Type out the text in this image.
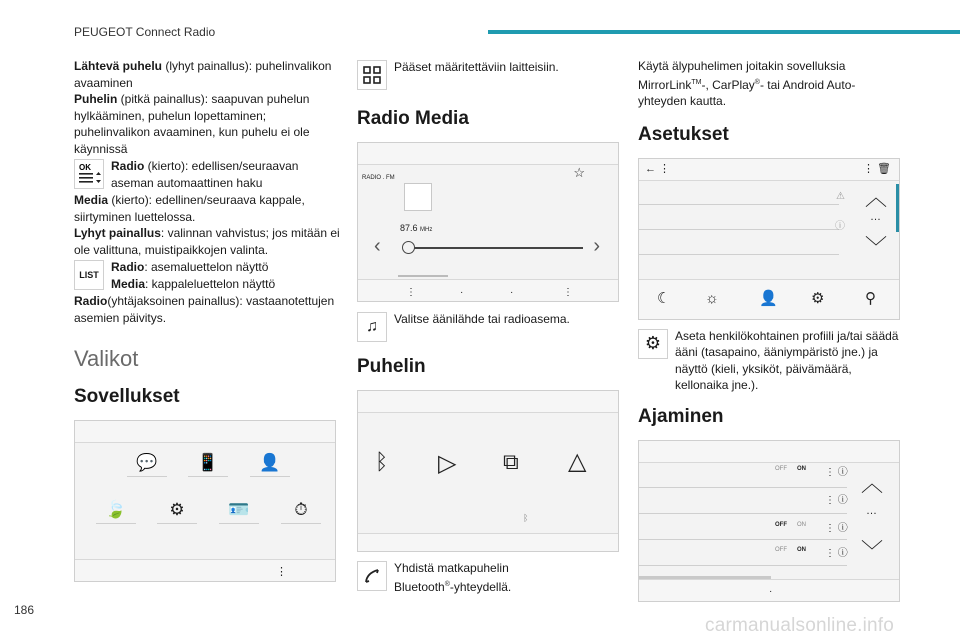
PEUGEOT Connect Radio

Lähtevä puhelu (lyhyt painallus): puhelinvalikon avaaminen

Puhelin (pitkä painallus): saapuvan puhelun hylkääminen, puhelun lopettaminen; puhelinvalikon avaaminen, kun puhelu ei ole käynnissä

OK Radio (kierto): edellisen/seuraavan aseman automaattinen haku

Media (kierto): edellinen/seuraava kappale, siirtyminen luettelossa.

Lyhyt painallus: valinnan vahvistus; jos mitään ei ole valittuna, muistipaikkojen valinta.

LIST

Radio: asemaluettelon näyttö
Media: kappaleluettelon näyttö

Radio(yhtäjaksoinen painallus): vastaanotettujen asemien päivitys.

Valikot
Sovellukset
💬	📱	👤
🍃	⚙	🪪	⏱
⋮

Pääset määritettäviin laitteisiin.

Radio Media
RADIO . FM	☆
87.6 MHz
‹	›
⋮	·	·	⋮
♫	Valitse äänilähde tai radioasema.

Puhelin
ᛒ ▷ ⧉ △
ᛒ

Yhdistä matkapuhelin
Bluetooth®-yhteydellä.

Käytä älypuhelimen joitakin sovelluksia
MirrorLink™-, CarPlay®- tai Android Auto-
yhteyden kautta.

Asetukset
← ⋮	⋮ 🗑
⚠
ⓘ
︿
…
﹀
☾ ☼	👤 ⚙	⚲
⚙	Aseta henkilökohtainen profiili ja/tai säädä ääni (tasapaino, ääniympäristö jne.) ja näyttö (kieli, yksiköt, päivämäärä, kellonaika jne.).

Ajaminen
OFF ON ⋮ ⓘ
⋮ ⓘ
OFF ON ⋮ ⓘ
OFF ON ⋮ ⓘ
︿
…
﹀
·
186
carmanualsonline.info
